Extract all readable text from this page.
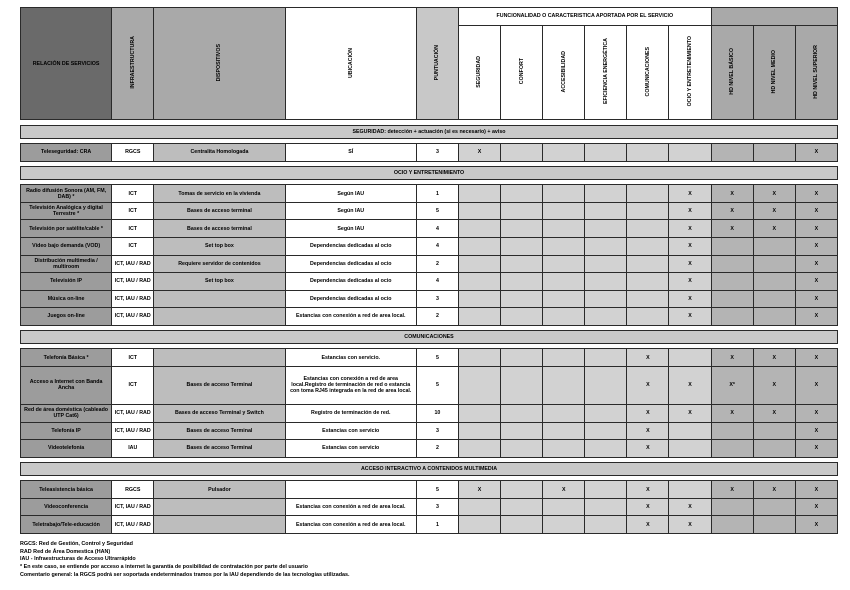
RELACIÓN DE SERVICIOS	INFRAESTRUCTURA	DISPOSITIVOS	UBICACIÓN	PUNTUACIÓN	FUNCIONALIDAD O CARACTERISTICA APORTADA POR EL SERVICIO								
					SEGURIDAD	CONFORT	ACCESIBILIDAD	EFICIENCIA ENERGÉTICA	COMUNICACIONES	OCIO Y ENTRETENIMIENTO	HD NIVEL BÁSICO	HD NIVEL MEDIO	HD NIVEL SUPERIOR

SEGURIDAD: detección + actuación (si es necesario) + aviso													

Teleseguridad: CRA	RGCS	Centralita Homologada	SÍ	3	X								X

OCIO Y ENTRETENIMIENTO													

Radio difusión Sonora (AM, FM, DAB) *	ICT	Tomas de servicio en la vivienda	Según IAU	1						X	X	X	X
Televisión Analógica y digital Terrestre *	ICT	Bases de acceso terminal	Según IAU	5						X	X	X	X
Televisión por satélite/cable *	ICT	Bases de acceso terminal	Según IAU	4						X	X	X	X
Vídeo bajo demanda (VOD)	ICT	Set top box	Dependencias dedicadas al ocio	4						X			X
Distribución multimedia / multiroom	ICT, IAU / RAD	Requiere servidor de contenidos	Dependencias dedicadas al ocio	2						X			X
Televisión IP	ICT, IAU / RAD	Set top box	Dependencias dedicadas al ocio	4						X			X
Música on-line	ICT, IAU / RAD		Dependencias dedicadas al ocio	3						X			X
Juegos on-line	ICT, IAU / RAD		Estancias con conexión a red de area local.	2						X			X

COMUNICACIONES													

Telefonía Básica *	ICT		Estancias con servicio.	5					X		X	X	X
Acceso a Internet con Banda Ancha	ICT	Bases de acceso Terminal	Estancias con conexión a red de area local.Registro de terminación de red o estancia con toma RJ45 integrada en la red de area local.	5					X	X	X*	X	X
Red de área doméstica (cableado UTP Cat6)	ICT, IAU / RAD	Bases de acceso Terminal y Switch	Registro de terminación de red.	10					X	X	X	X	X
Telefonía IP	ICT, IAU / RAD	Bases de acceso Terminal	Estancias con servicio	3					X				X
Videotelefonía	IAU	Bases de acceso Terminal	Estancias con servicio	2					X				X

ACCESO INTERACTIVO A CONTENIDOS MULTIMEDIA													

Teleasistencia básica	RGCS	Pulsador		5	X		X		X		X	X	X
Videoconferencia	ICT, IAU / RAD		Estancias con conexión a red de area local.	3					X	X			X
Teletrabajo/Tele-educación	ICT, IAU / RAD		Estancias con conexión a red de area local.	1					X	X			X
RGCS: Red de Gestión, Control y Seguridad
RAD Red de Área Domestica (HAN)
IAU - Infraestructuras de Acceso Ultrarrápido
* En este caso, se entiende por acceso a internet la garantía de posibilidad de contratación por parte del usuario
Comentario general: la RGCS podrá ser soportada endeterminados tramos por la IAU dependiendo de las tecnologías utilizadas.
